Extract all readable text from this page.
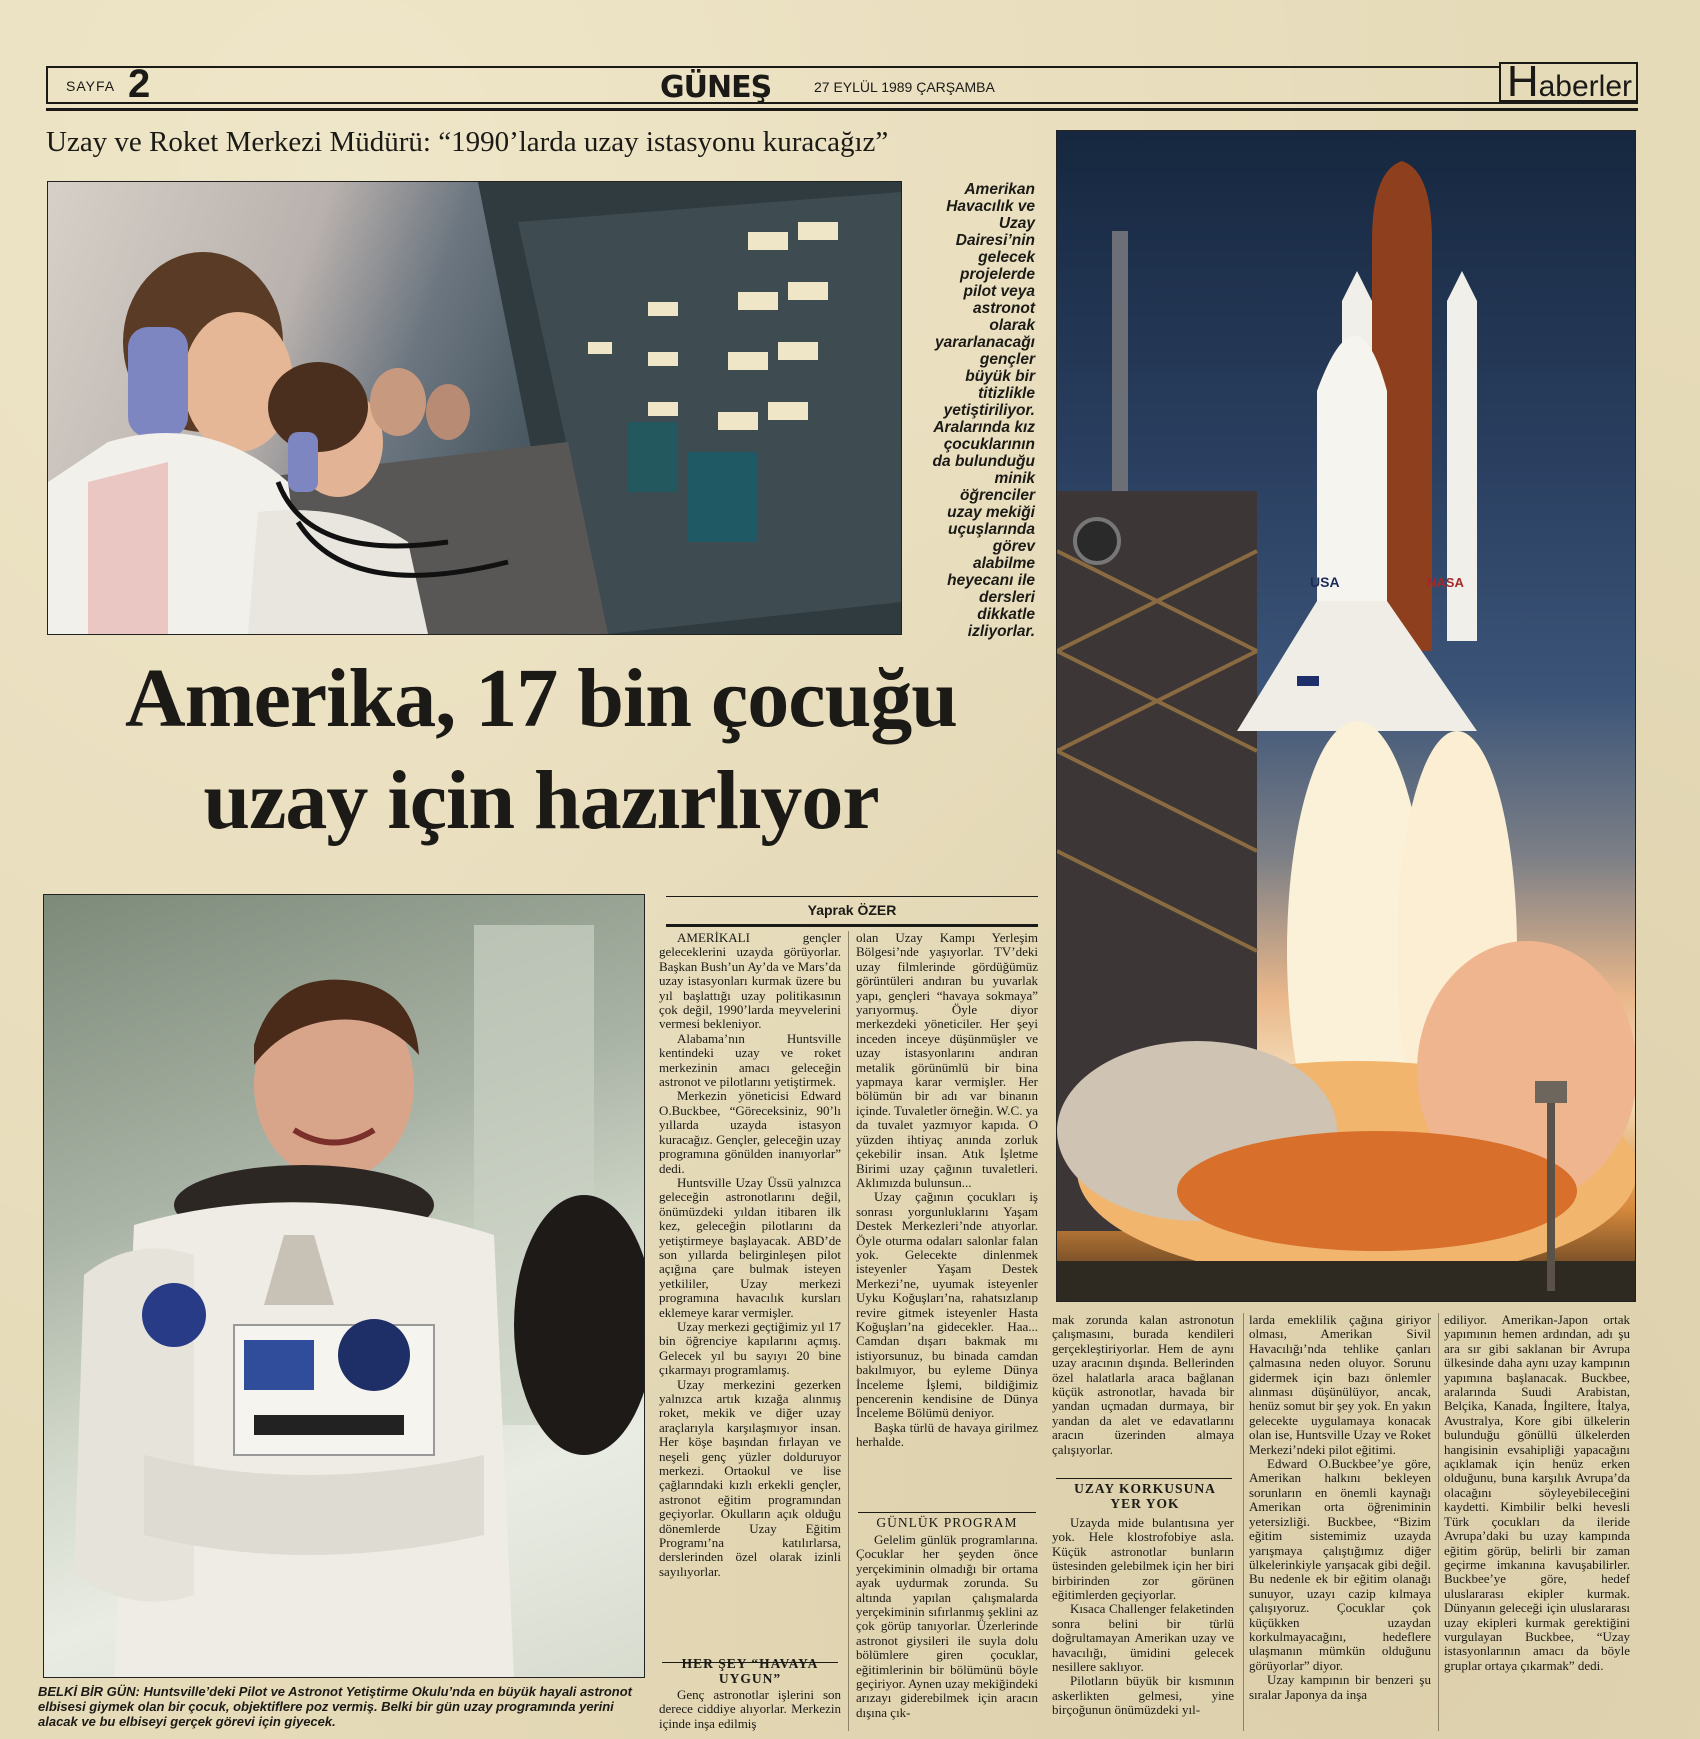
SAYFA 2	GÜNEŞ	27 EYLÜL 1989 ÇARŞAMBA	Haberler
Uzay ve Roket Merkezi Müdürü: “1990’larda uzay istasyonu kuracağız”
Amerikan
Havacılık ve
Uzay
Dairesi’nin
gelecek
projelerde
pilot veya
astronot
olarak
yararlanacağı
gençler
büyük bir
titizlikle
yetiştiriliyor.
Aralarında kız
çocuklarının
da bulunduğu
minik
öğrenciler
uzay mekiği
uçuşlarında
görev
alabilme
heyecanı ile
dersleri
dikkatle
izliyorlar.
USA	NASA
Amerika, 17 bin çocuğu
uzay için hazırlıyor
BELKİ BİR GÜN: Huntsville’deki Pilot ve Astronot Yetiştirme Okulu’nda en büyük hayali astronot elbisesi giymek olan bir çocuk, objektiflere poz vermiş. Belki bir gün uzay programında yerini alacak ve bu elbiseyi gerçek görevi için giyecek.
Yaprak ÖZER

AMERİKALI gençler geleceklerini uzayda görüyorlar. Başkan Bush’un Ay’da ve Mars’da uzay istasyonları kurmak üzere bu yıl başlattığı uzay politikasının çok değil, 1990’larda meyvelerini vermesi bekleniyor.

Alabama’nın Huntsville kentindeki uzay ve roket merkezinin amacı geleceğin astronot ve pilotlarını yetiştirmek.

Merkezin yöneticisi Edward O.Buckbee, “Göreceksiniz, 90’lı yıllarda uzayda istasyon kuracağız. Gençler, geleceğin uzay programına gönülden inanıyorlar” dedi.

Huntsville Uzay Üssü yalnızca geleceğin astronotlarını değil, önümüzdeki yıldan itibaren ilk kez, geleceğin pilotlarını da yetiştirmeye başlayacak. ABD’de son yıllarda belirginleşen pilot açığına çare bulmak isteyen yetkililer, Uzay merkezi programına havacılık kursları eklemeye karar vermişler.

Uzay merkezi geçtiğimiz yıl 17 bin öğrenciye kapılarını açmış. Gelecek yıl bu sayıyı 20 bine çıkarmayı programlamış.

Uzay merkezini gezerken yalnızca artık kızağa alınmış roket, mekik ve diğer uzay araçlarıyla karşılaşmıyor insan. Her köşe başından fırlayan ve neşeli genç yüzler dolduruyor merkezi. Ortaokul ve lise çağlarındaki kızlı erkekli gençler, astronot eğitim programından geçiyorlar. Okulların açık olduğu dönemlerde Uzay Eğitim Programı’na katılırlarsa, derslerinden özel olarak izinli sayılıyorlar.

HER ŞEY “HAVAYA UYGUN”

Genç astronotlar işlerini son derece ciddiye alıyorlar. Merkezin içinde inşa edilmiş

olan Uzay Kampı Yerleşim Bölgesi’nde yaşıyorlar. TV’deki uzay filmlerinde gördüğümüz görüntüleri andıran bu yuvarlak yapı, gençleri “havaya sokmaya” yarıyormuş. Öyle diyor merkezdeki yöneticiler. Her şeyi inceden inceye düşünmüşler ve uzay istasyonlarını andıran metalik görünümlü bir bina yapmaya karar vermişler. Her bölümün bir adı var binanın içinde. Tuvaletler örneğin. W.C. ya da tuvalet yazmıyor kapıda. O yüzden ihtiyaç anında zorluk çekebilir insan. Atık İşletme Birimi uzay çağının tuvaletleri. Aklımızda bulunsun...

Uzay çağının çocukları iş sonrası yorgunluklarını Yaşam Destek Merkezleri’nde atıyorlar. Öyle oturma odaları salonlar falan yok. Gelecekte dinlenmek isteyenler Yaşam Destek Merkezi’ne, uyumak isteyenler Uyku Koğuşları’na, rahatsızlanıp revire gitmek isteyenler Hasta Koğuşları’na gidecekler. Haa... Camdan dışarı bakmak mı istiyorsunuz, bu binada camdan bakılmıyor, bu eyleme Dünya İnceleme İşlemi, bildiğimiz pencerenin kendisine de Dünya İnceleme Bölümü deniyor.

Başka türlü de havaya girilmez herhalde.

GÜNLÜK PROGRAM

Gelelim günlük programlarına. Çocuklar her şeyden önce yerçekiminin olmadığı bir ortama ayak uydurmak zorunda. Su altında yapılan çalışmalarda yerçekiminin sıfırlanmış şeklini az çok görüp tanıyorlar. Üzerlerinde astronot giysileri ile suyla dolu bölümlere giren çocuklar, eğitimlerinin bir bölümünü böyle geçiriyor. Aynen uzay mekiğindeki arızayı giderebilmek için aracın dışına çık-

mak zorunda kalan astronotun çalışmasını, burada kendileri gerçekleştiriyorlar. Hem de aynı uzay aracının dışında. Bellerinden özel halatlarla araca bağlanan küçük astronotlar, havada bir yandan uçmadan durmaya, bir yandan da alet ve edavatlarını aracın üzerinden almaya çalışıyorlar.

UZAY KORKUSUNA YER YOK

Uzayda mide bulantısına yer yok. Hele klostrofobiye asla. Küçük astronotlar bunların üstesinden gelebilmek için her biri birbirinden zor görünen eğitimlerden geçiyorlar.

Kısaca Challenger felaketinden sonra belini bir türlü doğrultamayan Amerikan uzay ve havacılığı, ümidini gelecek nesillere saklıyor.

Pilotların büyük bir kısmının askerlikten gelmesi, yine birçoğunun önümüzdeki yıl-

larda emeklilik çağına giriyor olması, Amerikan Sivil Havacılığı’nda tehlike çanları çalmasına neden oluyor. Sorunu gidermek için bazı önlemler alınması düşünülüyor, ancak, henüz somut bir şey yok. En yakın gelecekte uygulamaya konacak olan ise, Huntsville Uzay ve Roket Merkezi’ndeki pilot eğitimi.

Edward O.Buckbee’ye göre, Amerikan halkını bekleyen sorunların en önemli kaynağı Amerikan orta öğreniminin yetersizliği. Buckbee, “Bizim eğitim sistemimiz uzayda yarışmaya çalıştığımız diğer ülkelerinkiyle yarışacak gibi değil. Bu nedenle ek bir eğitim olanağı sunuyor, uzayı cazip kılmaya çalışıyoruz. Çocuklar çok küçükken uzaydan korkulmayacağını, hedeflere ulaşmanın mümkün olduğunu görüyorlar” diyor.

Uzay kampının bir benzeri şu sıralar Japonya da inşa

ediliyor. Amerikan-Japon ortak yapımının hemen ardından, adı şu ara sır gibi saklanan bir Avrupa ülkesinde daha aynı uzay kampının yapımına başlanacak. Buckbee, aralarında Suudi Arabistan, Belçika, Kanada, İngiltere, İtalya, Avustralya, Kore gibi ülkelerin bulunduğu gönüllü ülkelerden hangisinin evsahipliği yapacağını açıklamak için henüz erken olduğunu, buna karşılık Avrupa’da olacağını söyleyebileceğini kaydetti. Kimbilir belki hevesli Türk çocukları da ileride Avrupa’daki bu uzay kampında eğitim görüp, belirli bir zaman geçirme imkanına kavuşabilirler. Buckbee’ye göre, hedef uluslararası ekipler kurmak. Dünyanın geleceği için uluslararası uzay ekipleri kurmak gerektiğini vurgulayan Buckbee, “Uzay istasyonlarının amacı da böyle gruplar ortaya çıkarmak” dedi.
